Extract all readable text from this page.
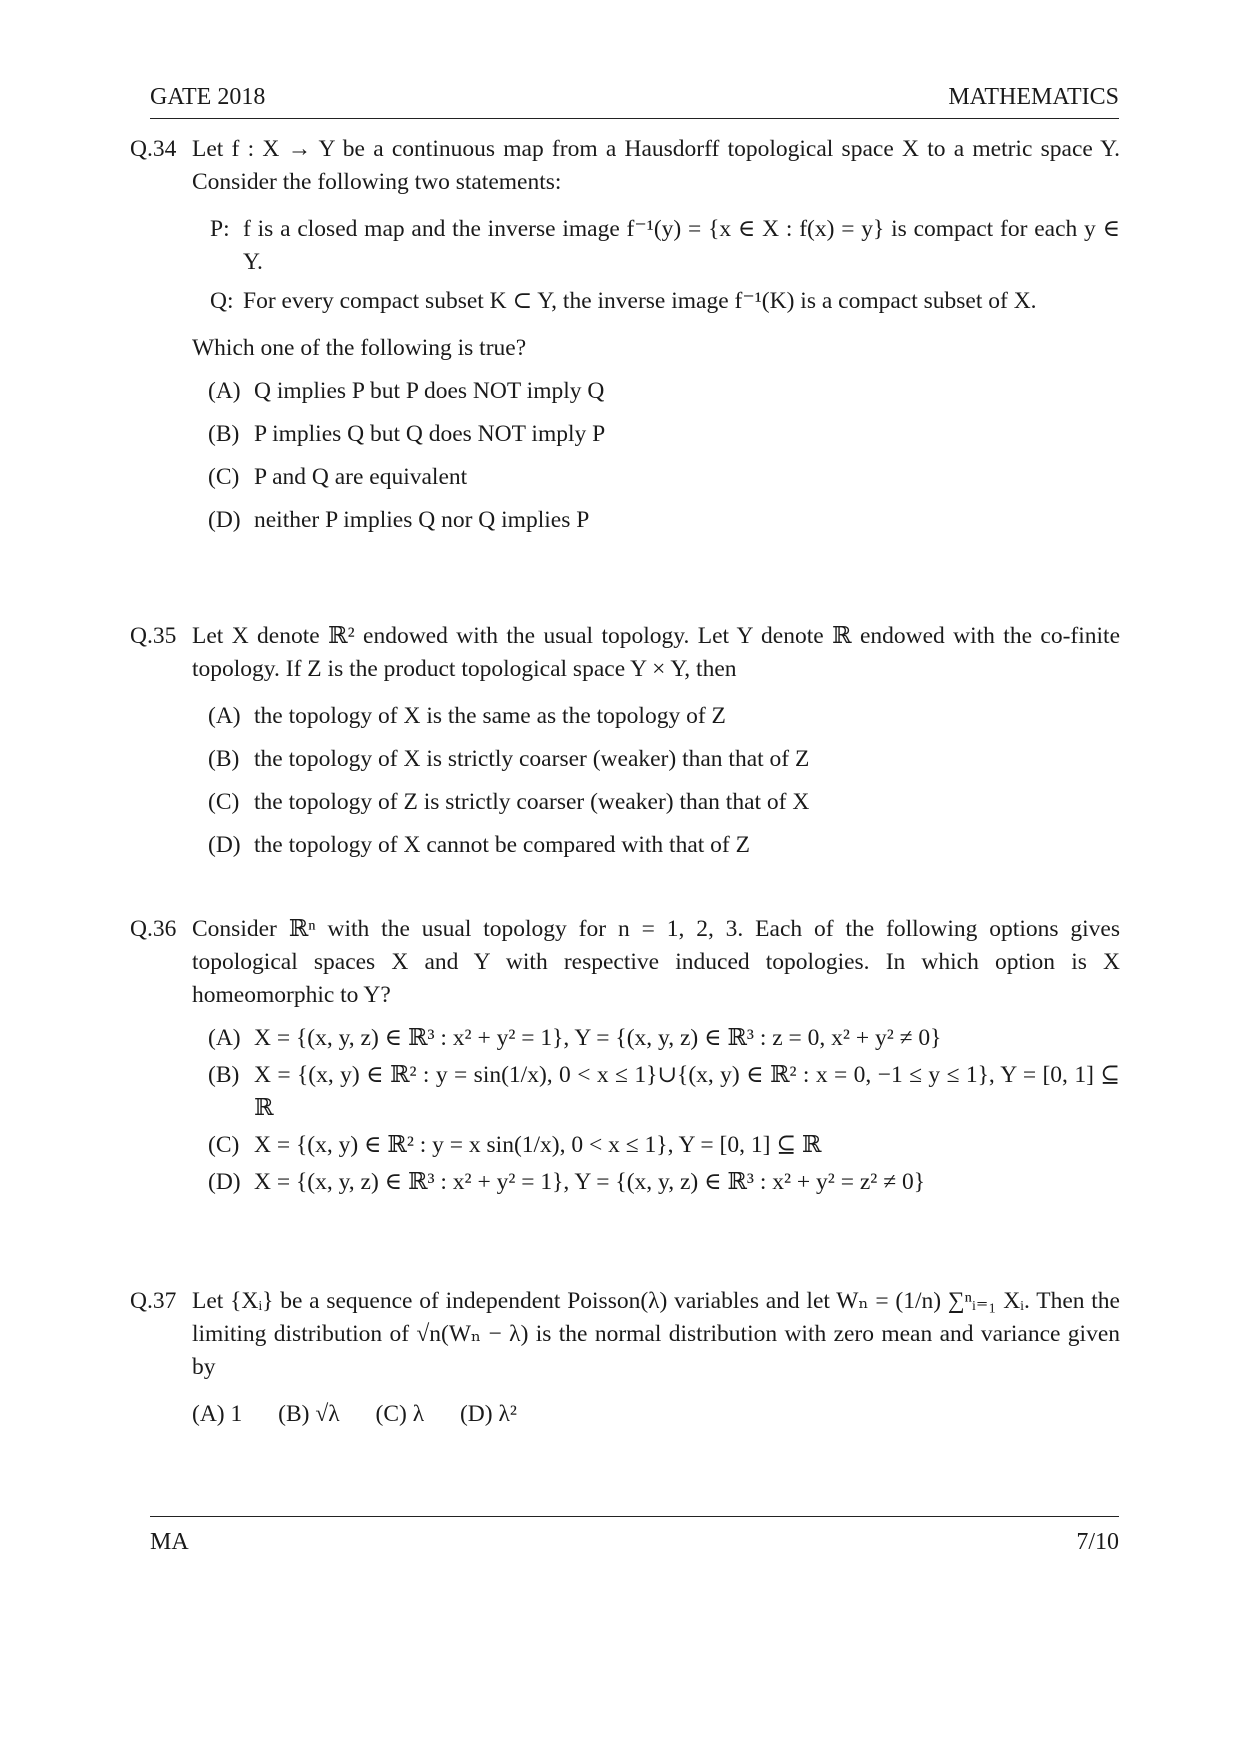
GATE 2018	MATHEMATICS
Q.34 Let f : X → Y be a continuous map from a Hausdorff topological space X to a metric space Y. Consider the following two statements:
P: f is a closed map and the inverse image f⁻¹(y) = {x ∈ X : f(x) = y} is compact for each y ∈ Y.
Q: For every compact subset K ⊂ Y, the inverse image f⁻¹(K) is a compact subset of X.
Which one of the following is true?
(A) Q implies P but P does NOT imply Q
(B) P implies Q but Q does NOT imply P
(C) P and Q are equivalent
(D) neither P implies Q nor Q implies P
Q.35 Let X denote ℝ² endowed with the usual topology. Let Y denote ℝ endowed with the co-finite topology. If Z is the product topological space Y × Y, then
(A) the topology of X is the same as the topology of Z
(B) the topology of X is strictly coarser (weaker) than that of Z
(C) the topology of Z is strictly coarser (weaker) than that of X
(D) the topology of X cannot be compared with that of Z
Q.36 Consider ℝⁿ with the usual topology for n = 1, 2, 3. Each of the following options gives topological spaces X and Y with respective induced topologies. In which option is X homeomorphic to Y?
(A) X = {(x, y, z) ∈ ℝ³ : x² + y² = 1}, Y = {(x, y, z) ∈ ℝ³ : z = 0, x² + y² ≠ 0}
(B) X = {(x, y) ∈ ℝ² : y = sin(1/x), 0 < x ≤ 1}∪{(x, y) ∈ ℝ² : x = 0, −1 ≤ y ≤ 1}, Y = [0, 1] ⊆ ℝ
(C) X = {(x, y) ∈ ℝ² : y = x sin(1/x), 0 < x ≤ 1}, Y = [0, 1] ⊆ ℝ
(D) X = {(x, y, z) ∈ ℝ³ : x² + y² = 1}, Y = {(x, y, z) ∈ ℝ³ : x² + y² = z² ≠ 0}
Q.37 Let {Xᵢ} be a sequence of independent Poisson(λ) variables and let Wₙ = (1/n) ∑ⁿᵢ₌₁ Xᵢ. Then the limiting distribution of √n(Wₙ − λ) is the normal distribution with zero mean and variance given by
(A) 1 (B) √λ (C) λ (D) λ²
MA	7/10
